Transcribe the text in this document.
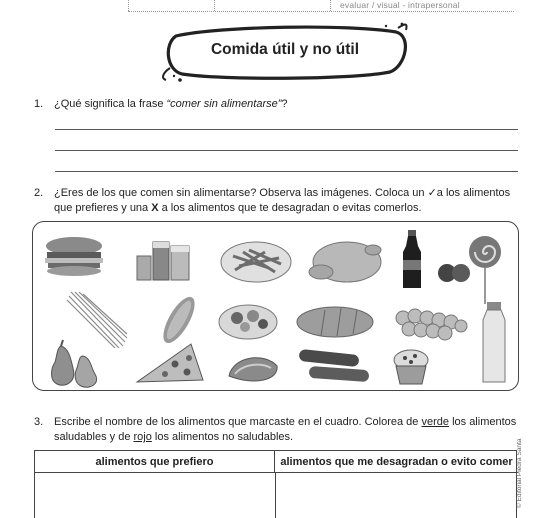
evaluar / visual - intrapersonal
Comida útil y no útil
1. ¿Qué significa la frase “comer sin alimentarse”?
2. ¿Eres de los que comen sin alimentarse? Observa las imágenes. Coloca un ✓a los alimentos
que prefieres y una X a los alimentos que te desagradan o evitas comerlos.
3. Escribe el nombre de los alimentos que marcaste en el cuadro. Colorea de verde los alimentos
saludables y de rojo los alimentos no saludables.
alimentos que prefiero	alimentos que me desagradan o evito comer © Editorial Piedra Santa
